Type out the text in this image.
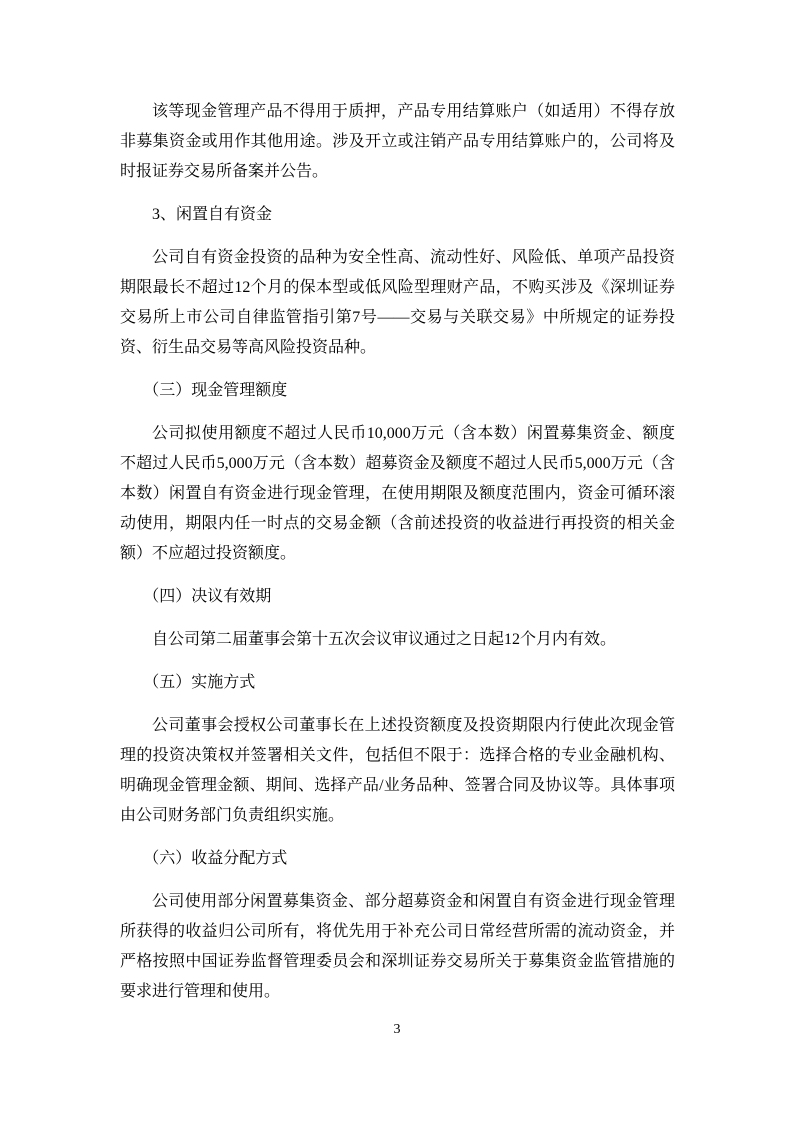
该等现金管理产品不得用于质押，产品专用结算账户（如适用）不得存放非募集资金或用作其他用途。涉及开立或注销产品专用结算账户的，公司将及时报证券交易所备案并公告。

3、闲置自有资金

公司自有资金投资的品种为安全性高、流动性好、风险低、单项产品投资期限最长不超过12个月的保本型或低风险型理财产品，不购买涉及《深圳证券交易所上市公司自律监管指引第7号——交易与关联交易》中所规定的证券投资、衍生品交易等高风险投资品种。

（三）现金管理额度

公司拟使用额度不超过人民币10,000万元（含本数）闲置募集资金、额度不超过人民币5,000万元（含本数）超募资金及额度不超过人民币5,000万元（含本数）闲置自有资金进行现金管理，在使用期限及额度范围内，资金可循环滚动使用，期限内任一时点的交易金额（含前述投资的收益进行再投资的相关金额）不应超过投资额度。

（四）决议有效期

自公司第二届董事会第十五次会议审议通过之日起12个月内有效。

（五）实施方式

公司董事会授权公司董事长在上述投资额度及投资期限内行使此次现金管理的投资决策权并签署相关文件，包括但不限于：选择合格的专业金融机构、明确现金管理金额、期间、选择产品/业务品种、签署合同及协议等。具体事项由公司财务部门负责组织实施。

（六）收益分配方式

公司使用部分闲置募集资金、部分超募资金和闲置自有资金进行现金管理所获得的收益归公司所有，将优先用于补充公司日常经营所需的流动资金，并严格按照中国证券监督管理委员会和深圳证券交易所关于募集资金监管措施的要求进行管理和使用。

3
